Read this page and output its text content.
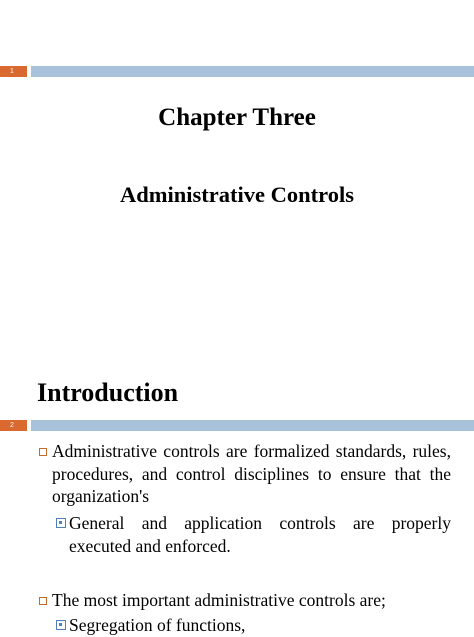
1
Chapter Three
Administrative Controls
Introduction
2
Administrative controls are formalized standards, rules, procedures, and control disciplines to ensure that the organization's
General and application controls are properly executed and enforced.
The most important administrative controls are;
Segregation of functions,
